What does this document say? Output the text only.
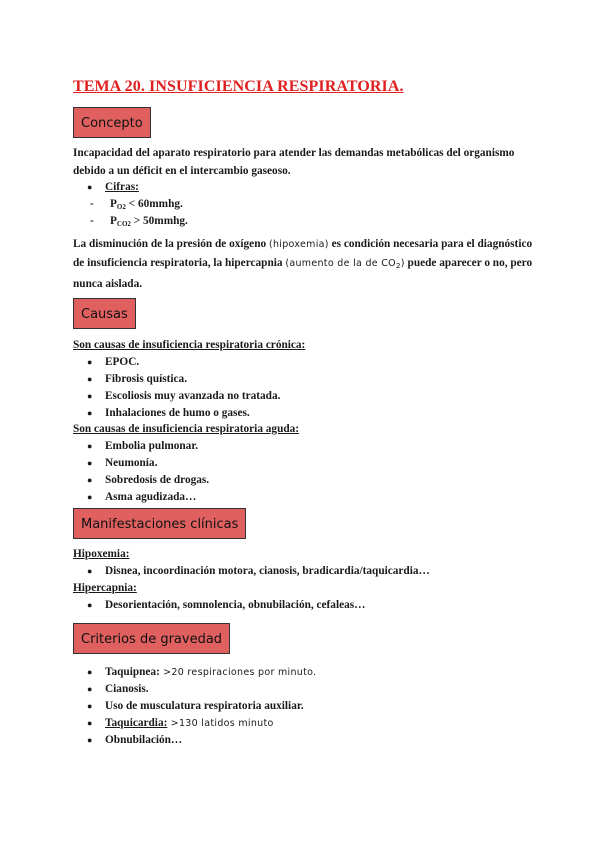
TEMA 20. INSUFICIENCIA RESPIRATORIA.
Concepto
Incapacidad del aparato respiratorio para atender las demandas metabólicas del organismo debido a un déficit en el intercambio gaseoso.
● Cifras:
- $P_{O2}$ < 60mmhg.
- $P_{CO2}$ > 50mmhg.
La disminución de la presión de oxígeno (hipoxemia) es condición necesaria para el diagnóstico de insuficiencia respiratoria, la hipercapnia (aumento de la de $CO_2$) puede aparecer o no, pero nunca aislada.
Causas
Son causas de insuficiencia respiratoria crónica:
● EPOC.
● Fibrosis quística.
● Escoliosis muy avanzada no tratada.
● Inhalaciones de humo o gases.
Son causas de insuficiencia respiratoria aguda:
● Embolia pulmonar.
● Neumonía.
● Sobredosis de drogas.
● Asma agudizada…
Manifestaciones clínicas
Hipoxemia:
● Disnea, incoordinación motora, cianosis, bradicardia/taquicardia…
Hipercapnia:
● Desorientación, somnolencia, obnubilación, cefaleas…
Criterios de gravedad
● Taquipnea: >20 respiraciones por minuto.
● Cianosis.
● Uso de musculatura respiratoria auxiliar.
● Taquicardia: >130 latidos minuto
● Obnubilación…
